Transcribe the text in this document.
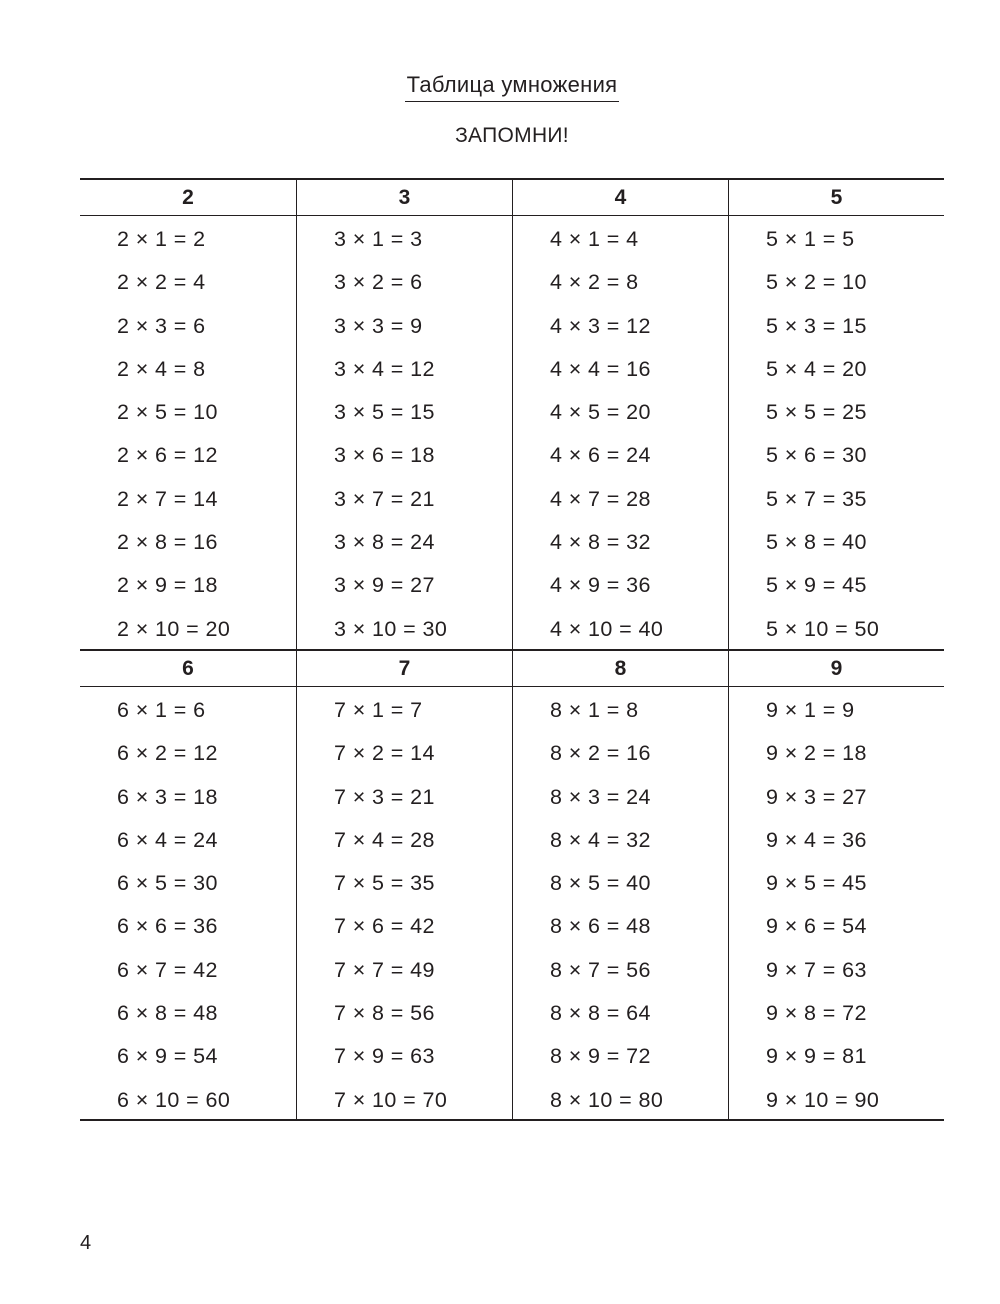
Таблица умножения
ЗАПОМНИ!
2
2 × 1 = 2
2 × 2 = 4
2 × 3 = 6
2 × 4 = 8
2 × 5 = 10
2 × 6 = 12
2 × 7 = 14
2 × 8 = 16
2 × 9 = 18
2 × 10 = 20
3
3 × 1 = 3
3 × 2 = 6
3 × 3 = 9
3 × 4 = 12
3 × 5 = 15
3 × 6 = 18
3 × 7 = 21
3 × 8 = 24
3 × 9 = 27
3 × 10 = 30
4
4 × 1 = 4
4 × 2 = 8
4 × 3 = 12
4 × 4 = 16
4 × 5 = 20
4 × 6 = 24
4 × 7 = 28
4 × 8 = 32
4 × 9 = 36
4 × 10 = 40
5
5 × 1 = 5
5 × 2 = 10
5 × 3 = 15
5 × 4 = 20
5 × 5 = 25
5 × 6 = 30
5 × 7 = 35
5 × 8 = 40
5 × 9 = 45
5 × 10 = 50
6
6 × 1 = 6
6 × 2 = 12
6 × 3 = 18
6 × 4 = 24
6 × 5 = 30
6 × 6 = 36
6 × 7 = 42
6 × 8 = 48
6 × 9 = 54
6 × 10 = 60
7
7 × 1 = 7
7 × 2 = 14
7 × 3 = 21
7 × 4 = 28
7 × 5 = 35
7 × 6 = 42
7 × 7 = 49
7 × 8 = 56
7 × 9 = 63
7 × 10 = 70
8
8 × 1 = 8
8 × 2 = 16
8 × 3 = 24
8 × 4 = 32
8 × 5 = 40
8 × 6 = 48
8 × 7 = 56
8 × 8 = 64
8 × 9 = 72
8 × 10 = 80
9
9 × 1 = 9
9 × 2 = 18
9 × 3 = 27
9 × 4 = 36
9 × 5 = 45
9 × 6 = 54
9 × 7 = 63
9 × 8 = 72
9 × 9 = 81
9 × 10 = 90
4
